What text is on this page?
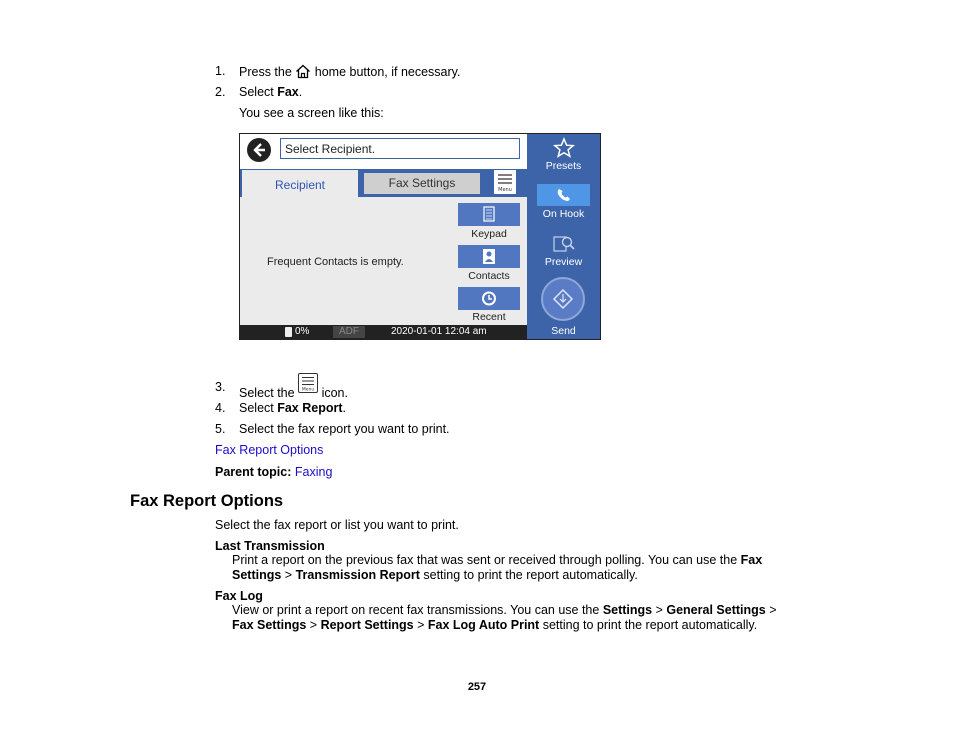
1. Press the home button, if necessary.
2. Select Fax.
You see a screen like this:
Select Recipient.
Recipient	Fax Settings	Menu
Frequent Contacts is empty.
Keypad
Contacts
Recent
Presets
On Hook
Preview
Send
0%	ADF	2020-01-01 12:04 am
3. Select the Menu icon.
4. Select Fax Report.
5. Select the fax report you want to print.
Fax Report Options
Parent topic: Faxing
Fax Report Options
Select the fax report or list you want to print.
Last Transmission
Print a report on the previous fax that was sent or received through polling. You can use the Fax
Settings > Transmission Report setting to print the report automatically.
Fax Log
View or print a report on recent fax transmissions. You can use the Settings > General Settings >
Fax Settings > Report Settings > Fax Log Auto Print setting to print the report automatically.
257
